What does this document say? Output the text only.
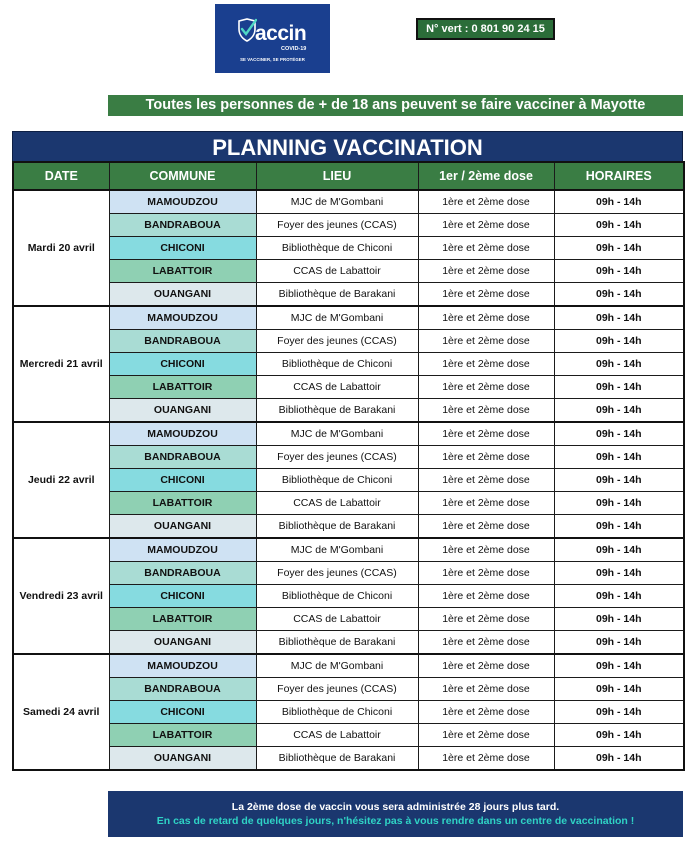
accin
COVID-19
SE VACCINER, SE PROTÉGER
N° vert : 0 801 90 24 15
Toutes les personnes de + de 18 ans peuvent se faire vacciner à Mayotte
PLANNING VACCINATION
DATE	COMMUNE	LIEU	1er / 2ème dose	HORAIRES
Mardi 20 avril	MAMOUDZOU	MJC de M'Gombani	1ère et 2ème dose	09h - 14h
	BANDRABOUA	Foyer des jeunes (CCAS)	1ère et 2ème dose	09h - 14h
	CHICONI	Bibliothèque de Chiconi	1ère et 2ème dose	09h - 14h
	LABATTOIR	CCAS de Labattoir	1ère et 2ème dose	09h - 14h
	OUANGANI	Bibliothèque de Barakani	1ère et 2ème dose	09h - 14h
Mercredi 21 avril	MAMOUDZOU	MJC de M'Gombani	1ère et 2ème dose	09h - 14h
	BANDRABOUA	Foyer des jeunes (CCAS)	1ère et 2ème dose	09h - 14h
	CHICONI	Bibliothèque de Chiconi	1ère et 2ème dose	09h - 14h
	LABATTOIR	CCAS de Labattoir	1ère et 2ème dose	09h - 14h
	OUANGANI	Bibliothèque de Barakani	1ère et 2ème dose	09h - 14h
Jeudi 22 avril	MAMOUDZOU	MJC de M'Gombani	1ère et 2ème dose	09h - 14h
	BANDRABOUA	Foyer des jeunes (CCAS)	1ère et 2ème dose	09h - 14h
	CHICONI	Bibliothèque de Chiconi	1ère et 2ème dose	09h - 14h
	LABATTOIR	CCAS de Labattoir	1ère et 2ème dose	09h - 14h
	OUANGANI	Bibliothèque de Barakani	1ère et 2ème dose	09h - 14h
Vendredi 23 avril	MAMOUDZOU	MJC de M'Gombani	1ère et 2ème dose	09h - 14h
	BANDRABOUA	Foyer des jeunes (CCAS)	1ère et 2ème dose	09h - 14h
	CHICONI	Bibliothèque de Chiconi	1ère et 2ème dose	09h - 14h
	LABATTOIR	CCAS de Labattoir	1ère et 2ème dose	09h - 14h
	OUANGANI	Bibliothèque de Barakani	1ère et 2ème dose	09h - 14h
Samedi 24 avril	MAMOUDZOU	MJC de M'Gombani	1ère et 2ème dose	09h - 14h
	BANDRABOUA	Foyer des jeunes (CCAS)	1ère et 2ème dose	09h - 14h
	CHICONI	Bibliothèque de Chiconi	1ère et 2ème dose	09h - 14h
	LABATTOIR	CCAS de Labattoir	1ère et 2ème dose	09h - 14h
	OUANGANI	Bibliothèque de Barakani	1ère et 2ème dose	09h - 14h
La 2ème dose de vaccin vous sera administrée 28 jours plus tard.
En cas de retard de quelques jours, n'hésitez pas à vous rendre dans un centre de vaccination !
